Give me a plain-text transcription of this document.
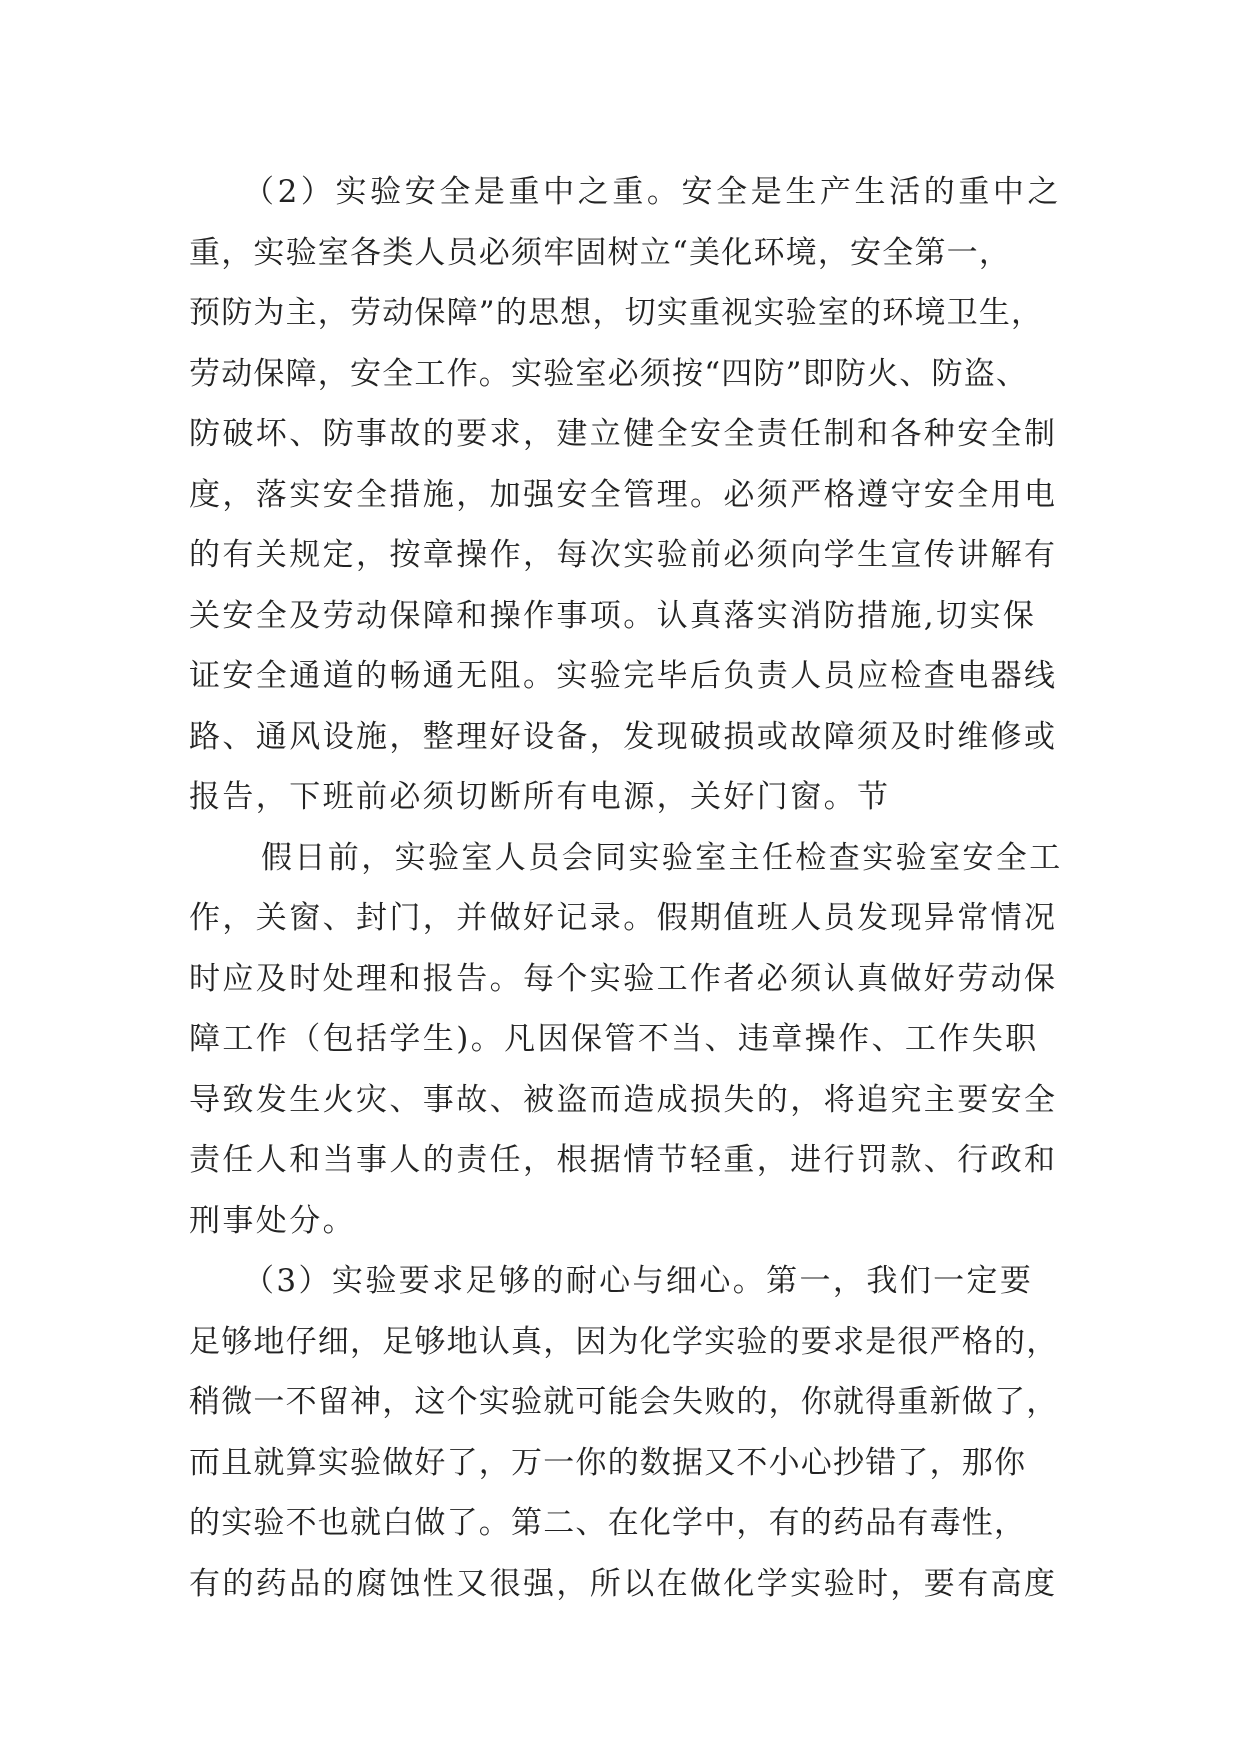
（2）实验安全是重中之重。安全是生产生活的重中之
重，实验室各类人员必须牢固树立“美化环境，安全第一，
预防为主，劳动保障”的思想，切实重视实验室的环境卫生，
劳动保障，安全工作。实验室必须按“四防”即防火、防盗、
防破坏、防事故的要求，建立健全安全责任制和各种安全制
度，落实安全措施，加强安全管理。必须严格遵守安全用电
的有关规定，按章操作，每次实验前必须向学生宣传讲解有
关安全及劳动保障和操作事项。认真落实消防措施,切实保
证安全通道的畅通无阻。实验完毕后负责人员应检查电器线
路、通风设施，整理好设备，发现破损或故障须及时维修或
报告，下班前必须切断所有电源，关好门窗。节
假日前，实验室人员会同实验室主任检查实验室安全工
作，关窗、封门，并做好记录。假期值班人员发现异常情况
时应及时处理和报告。每个实验工作者必须认真做好劳动保
障工作（包括学生)。凡因保管不当、违章操作、工作失职
导致发生火灾、事故、被盗而造成损失的，将追究主要安全
责任人和当事人的责任，根据情节轻重，进行罚款、行政和
刑事处分。
（3）实验要求足够的耐心与细心。第一，我们一定要
足够地仔细，足够地认真，因为化学实验的要求是很严格的，
稍微一不留神，这个实验就可能会失败的，你就得重新做了，
而且就算实验做好了，万一你的数据又不小心抄错了，那你
的实验不也就白做了。第二、在化学中，有的药品有毒性，
有的药品的腐蚀性又很强，所以在做化学实验时，要有高度
